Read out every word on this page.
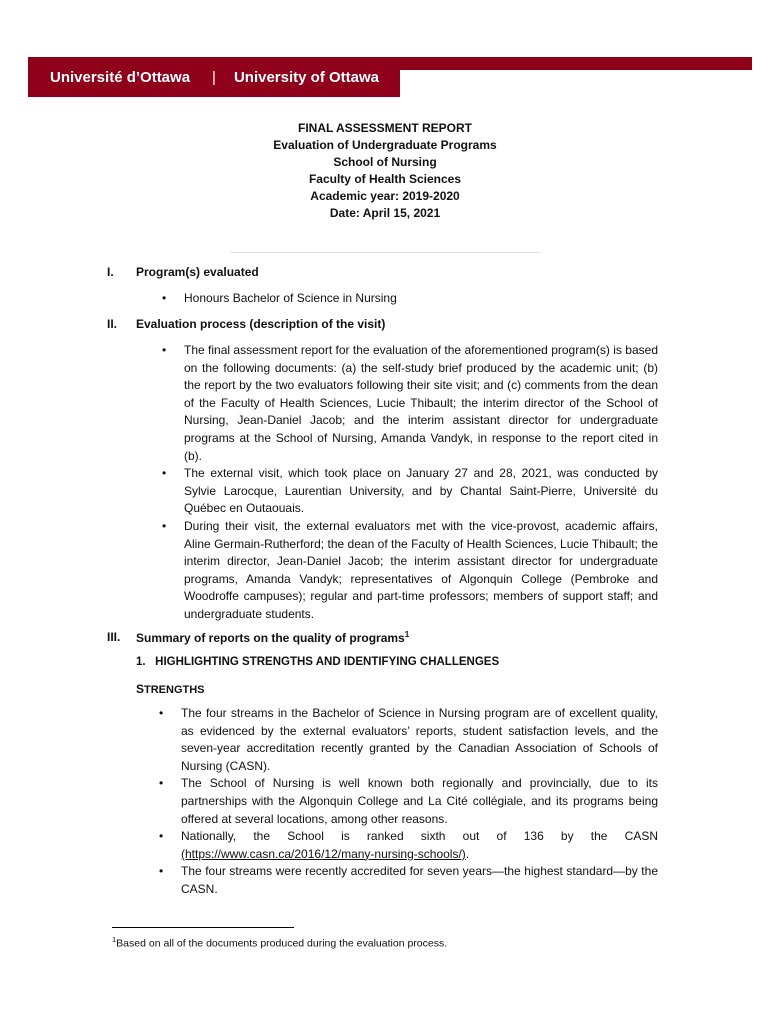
Université d’Ottawa | University of Ottawa
FINAL ASSESSMENT REPORT
Evaluation of Undergraduate Programs
School of Nursing
Faculty of Health Sciences
Academic year: 2019-2020
Date: April 15, 2021
I. Program(s) evaluated
• Honours Bachelor of Science in Nursing
II. Evaluation process (description of the visit)
• The final assessment report for the evaluation of the aforementioned program(s) is based on the following documents: (a) the self-study brief produced by the academic unit; (b) the report by the two evaluators following their site visit; and (c) comments from the dean of the Faculty of Health Sciences, Lucie Thibault; the interim director of the School of Nursing, Jean-Daniel Jacob; and the interim assistant director for undergraduate programs at the School of Nursing, Amanda Vandyk, in response to the report cited in (b).
• The external visit, which took place on January 27 and 28, 2021, was conducted by Sylvie Larocque, Laurentian University, and by Chantal Saint-Pierre, Université du Québec en Outaouais.
• During their visit, the external evaluators met with the vice-provost, academic affairs, Aline Germain-Rutherford; the dean of the Faculty of Health Sciences, Lucie Thibault; the interim director, Jean-Daniel Jacob; the interim assistant director for undergraduate programs, Amanda Vandyk; representatives of Algonquin College (Pembroke and Woodroffe campuses); regular and part-time professors; members of support staff; and undergraduate students.
III. Summary of reports on the quality of programs$^1$
1.   HIGHLIGHTING STRENGTHS AND IDENTIFYING CHALLENGES
STRENGTHS
• The four streams in the Bachelor of Science in Nursing program are of excellent quality, as evidenced by the external evaluators’ reports, student satisfaction levels, and the seven-year accreditation recently granted by the Canadian Association of Schools of Nursing (CASN).
• The School of Nursing is well known both regionally and provincially, due to its partnerships with the Algonquin College and La Cité collégiale, and its programs being offered at several locations, among other reasons.
• Nationally, the School is ranked sixth out of 136 by the CASN
(https://www.casn.ca/2016/12/many-nursing-schools/).
• The four streams were recently accredited for seven years—the highest standard—by the CASN.
$^1$Based on all of the documents produced during the evaluation process.
